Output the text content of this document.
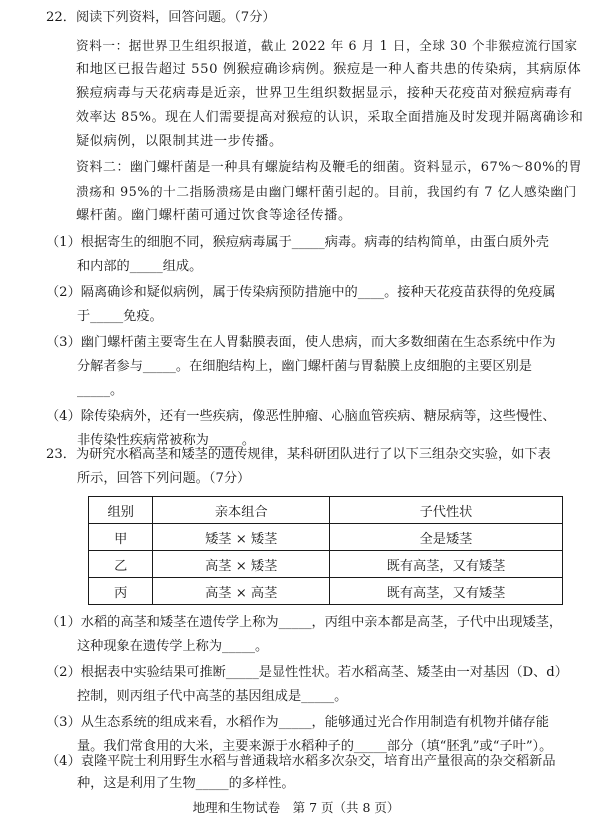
22．阅读下列资料，回答问题。（7分）
资料一：据世界卫生组织报道，截止 2022 年 6 月 1 日，全球 30 个非猴痘流行国家
和地区已报告超过 550 例猴痘确诊病例。猴痘是一种人畜共患的传染病，其病原体
猴痘病毒与天花病毒是近亲，世界卫生组织数据显示，接种天花疫苗对猴痘病毒有
效率达 85%。现在人们需要提高对猴痘的认识，采取全面措施及时发现并隔离确诊和
疑似病例，以限制其进一步传播。
资料二：幽门螺杆菌是一种具有螺旋结构及鞭毛的细菌。资料显示，67%～80%的胃
溃疡和 95%的十二指肠溃疡是由幽门螺杆菌引起的。目前，我国约有 7 亿人感染幽门
螺杆菌。幽门螺杆菌可通过饮食等途径传播。
（1）根据寄生的细胞不同，猴痘病毒属于_____病毒。病毒的结构简单，由蛋白质外壳
和内部的_____组成。
（2）隔离确诊和疑似病例，属于传染病预防措施中的____。接种天花疫苗获得的免疫属
于_____免疫。
（3）幽门螺杆菌主要寄生在人胃黏膜表面，使人患病，而大多数细菌在生态系统中作为
分解者参与_____。在细胞结构上，幽门螺杆菌与胃黏膜上皮细胞的主要区别是
_____。
（4）除传染病外，还有一些疾病，像恶性肿瘤、心脑血管疾病、糖尿病等，这些慢性、
非传染性疾病常被称为_____。
23．为研究水稻高茎和矮茎的遗传规律，某科研团队进行了以下三组杂交实验，如下表
所示，回答下列问题。（7分）
组别	亲本组合	子代性状
甲	矮茎 × 矮茎	全是矮茎
乙	高茎 × 矮茎	既有高茎，又有矮茎
丙	高茎 × 高茎	既有高茎，又有矮茎
（1）水稻的高茎和矮茎在遗传学上称为_____，丙组中亲本都是高茎，子代中出现矮茎，
这种现象在遗传学上称为_____。
（2）根据表中实验结果可推断_____是显性性状。若水稻高茎、矮茎由一对基因（D、d）
控制，则丙组子代中高茎的基因组成是_____。
（3）从生态系统的组成来看，水稻作为_____，能够通过光合作用制造有机物并储存能
量。我们常食用的大米，主要来源于水稻种子的_____部分（填“胚乳”或“子叶”）。
（4）袁隆平院士利用野生水稻与普通栽培水稻多次杂交，培育出产量很高的杂交稻新品
种，这是利用了生物_____的多样性。
地理和生物试卷　第 7 页（共 8 页）
